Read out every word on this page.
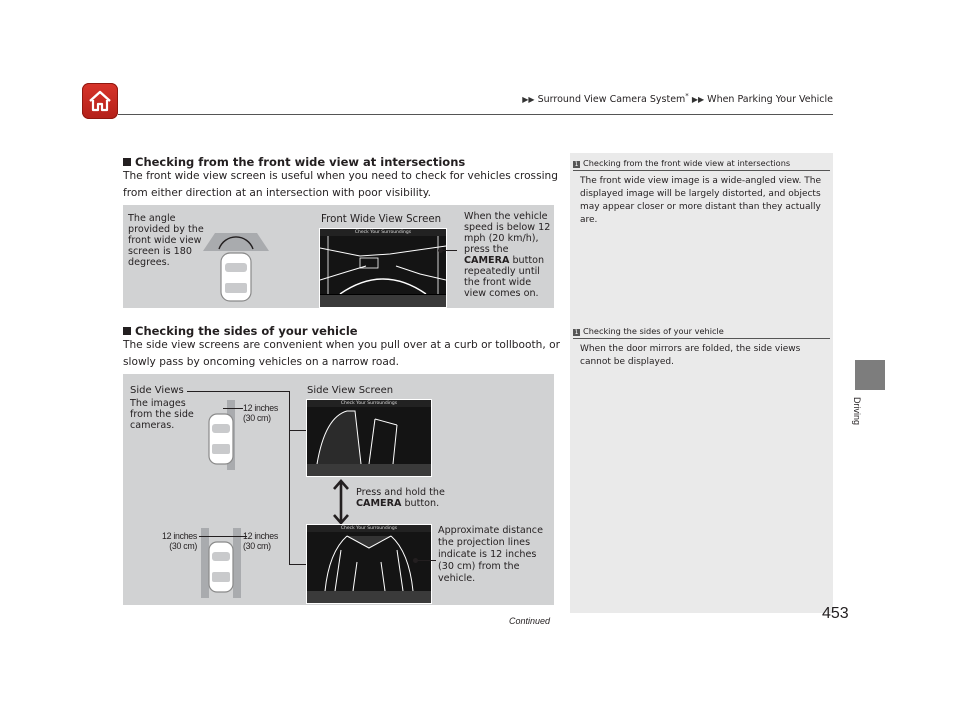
▶▶ Surround View Camera System* ▶▶ When Parking Your Vehicle
Driving
Checking from the front wide view at intersections
The front wide view screen is useful when you need to check for vehicles crossing from either direction at an intersection with poor visibility.
The angle provided by the front wide view screen is 180 degrees.
Front Wide View Screen
Check Your Surroundings
When the vehicle speed is below 12 mph (20 km/h), press the CAMERA button repeatedly until the front wide view comes on.
Checking the sides of your vehicle
The side view screens are convenient when you pull over at a curb or tollbooth, or slowly pass by oncoming vehicles on a narrow road.
Side Views
The images from the side cameras.
12 inches (30 cm)
12 inches (30 cm)
12 inches (30 cm)
Side View Screen
Check Your Surroundings
Press and hold the
CAMERA button.
Check Your Surroundings	Approximate distance the projection lines indicate is 12 inches (30 cm) from the vehicle.
1 Checking from the front wide view at intersections
The front wide view image is a wide-angled view. The displayed image will be largely distorted, and objects may appear closer or more distant than they actually are.
1 Checking the sides of your vehicle
When the door mirrors are folded, the side views cannot be displayed.
Continued	453
